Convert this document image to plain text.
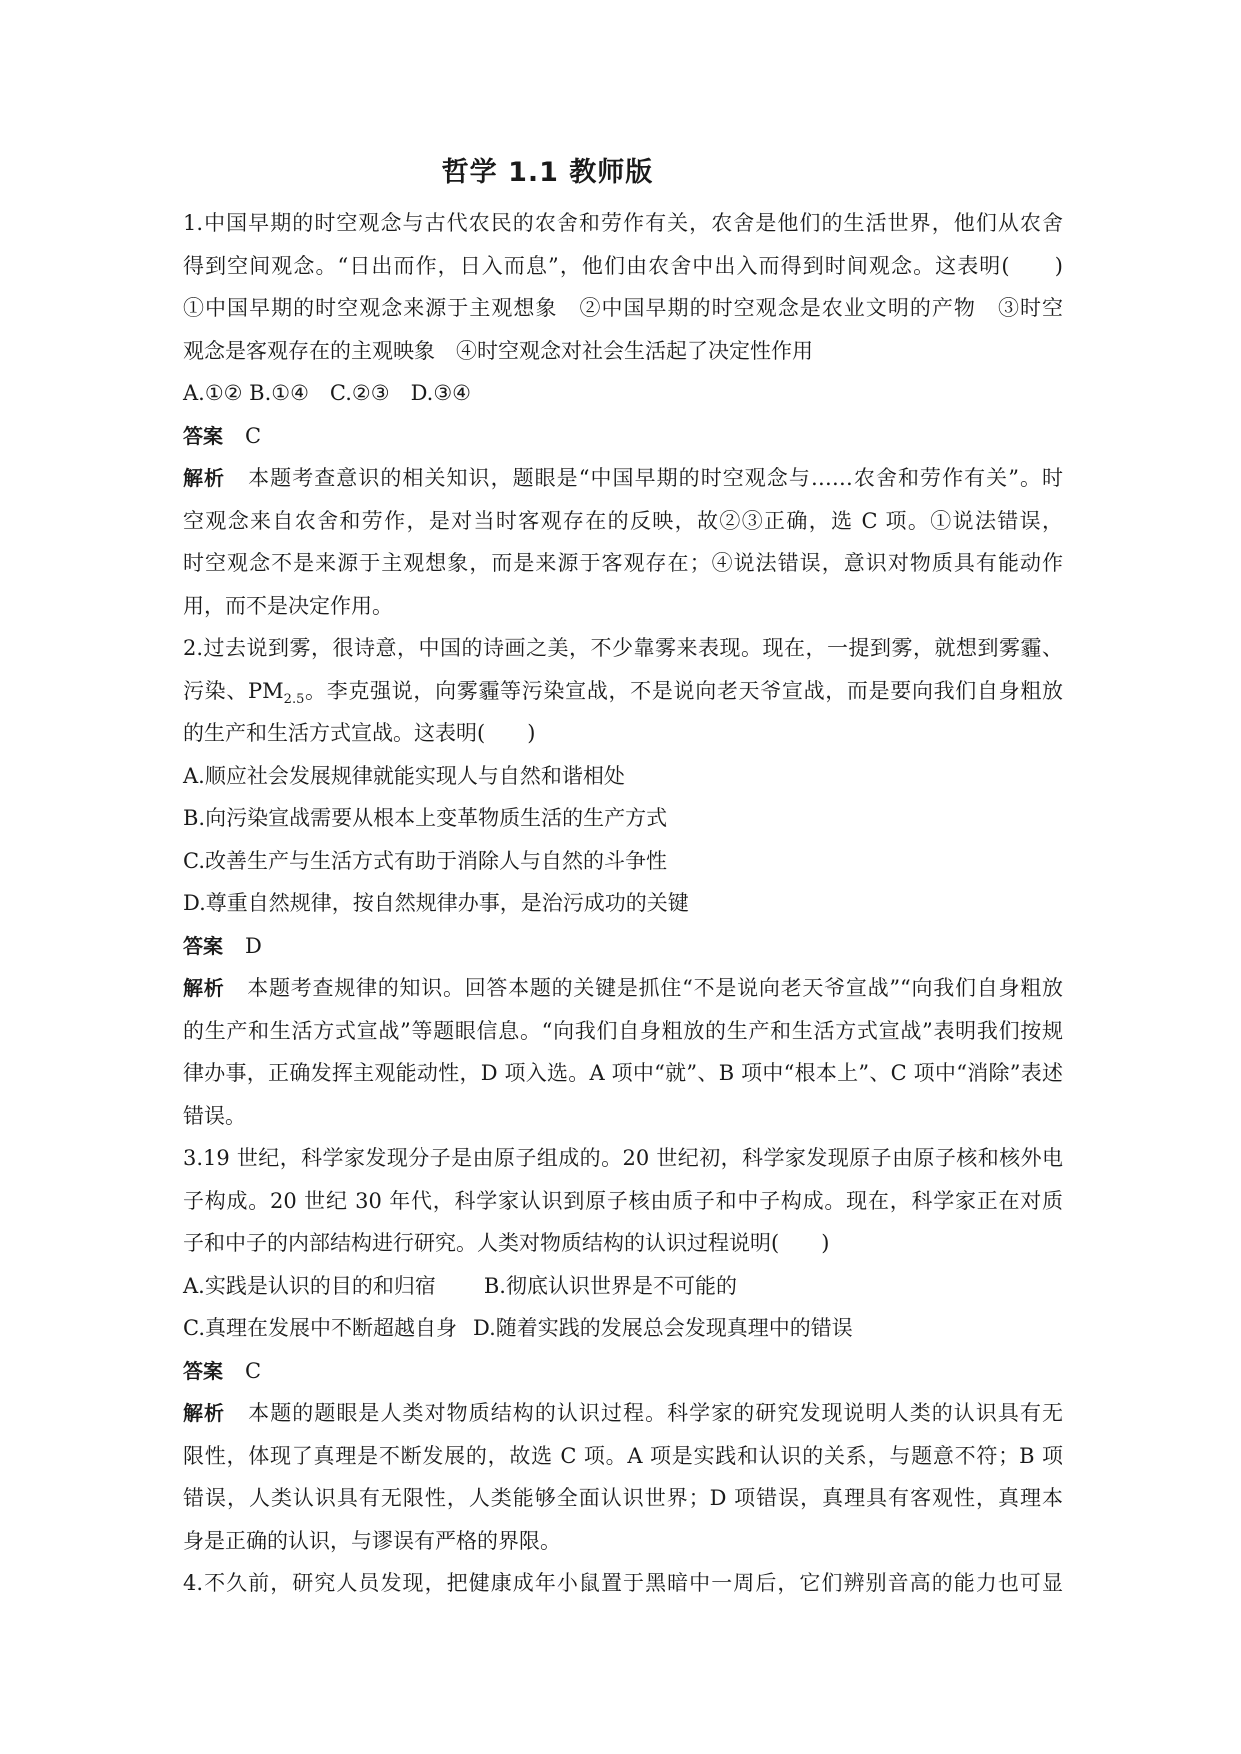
哲学 1.1 教师版
1.中国早期的时空观念与古代农民的农舍和劳作有关，农舍是他们的生活世界，他们从农舍
得到空间观念。“日出而作，日入而息”，他们由农舍中出入而得到时间观念。这表明(　　)
①中国早期的时空观念来源于主观想象　②中国早期的时空观念是农业文明的产物　③时空
观念是客观存在的主观映象　④时空观念对社会生活起了决定性作用
A.①② B.①④　C.②③　D.③④
答案 C
解析 本题考查意识的相关知识，题眼是“中国早期的时空观念与……农舍和劳作有关”。时
空观念来自农舍和劳作，是对当时客观存在的反映，故②③正确，选 C 项。①说法错误，
时空观念不是来源于主观想象，而是来源于客观存在；④说法错误，意识对物质具有能动作
用，而不是决定作用。
2.过去说到雾，很诗意，中国的诗画之美，不少靠雾来表现。现在，一提到雾，就想到雾霾、
污染、$PM_{2.5}$。李克强说，向雾霾等污染宣战，不是说向老天爷宣战，而是要向我们自身粗放
的生产和生活方式宣战。这表明(　　)
A.顺应社会发展规律就能实现人与自然和谐相处
B.向污染宣战需要从根本上变革物质生活的生产方式
C.改善生产与生活方式有助于消除人与自然的斗争性
D.尊重自然规律，按自然规律办事，是治污成功的关键
答案 D
解析 本题考查规律的知识。回答本题的关键是抓住“不是说向老天爷宣战”“向我们自身粗放
的生产和生活方式宣战”等题眼信息。“向我们自身粗放的生产和生活方式宣战”表明我们按规
律办事，正确发挥主观能动性，D 项入选。A 项中“就”、B 项中“根本上”、C 项中“消除”表述
错误。
3.19 世纪，科学家发现分子是由原子组成的。20 世纪初，科学家发现原子由原子核和核外电
子构成。20 世纪 30 年代，科学家认识到原子核由质子和中子构成。现在，科学家正在对质
子和中子的内部结构进行研究。人类对物质结构的认识过程说明(　　)
A.实践是认识的目的和归宿 B.彻底认识世界是不可能的
C.真理在发展中不断超越自身 D.随着实践的发展总会发现真理中的错误
答案 C
解析 本题的题眼是人类对物质结构的认识过程。科学家的研究发现说明人类的认识具有无
限性，体现了真理是不断发展的，故选 C 项。A 项是实践和认识的关系，与题意不符；B 项
错误，人类认识具有无限性，人类能够全面认识世界；D 项错误，真理具有客观性，真理本
身是正确的认识，与谬误有严格的界限。
4.不久前，研究人员发现，把健康成年小鼠置于黑暗中一周后，它们辨别音高的能力也可显
